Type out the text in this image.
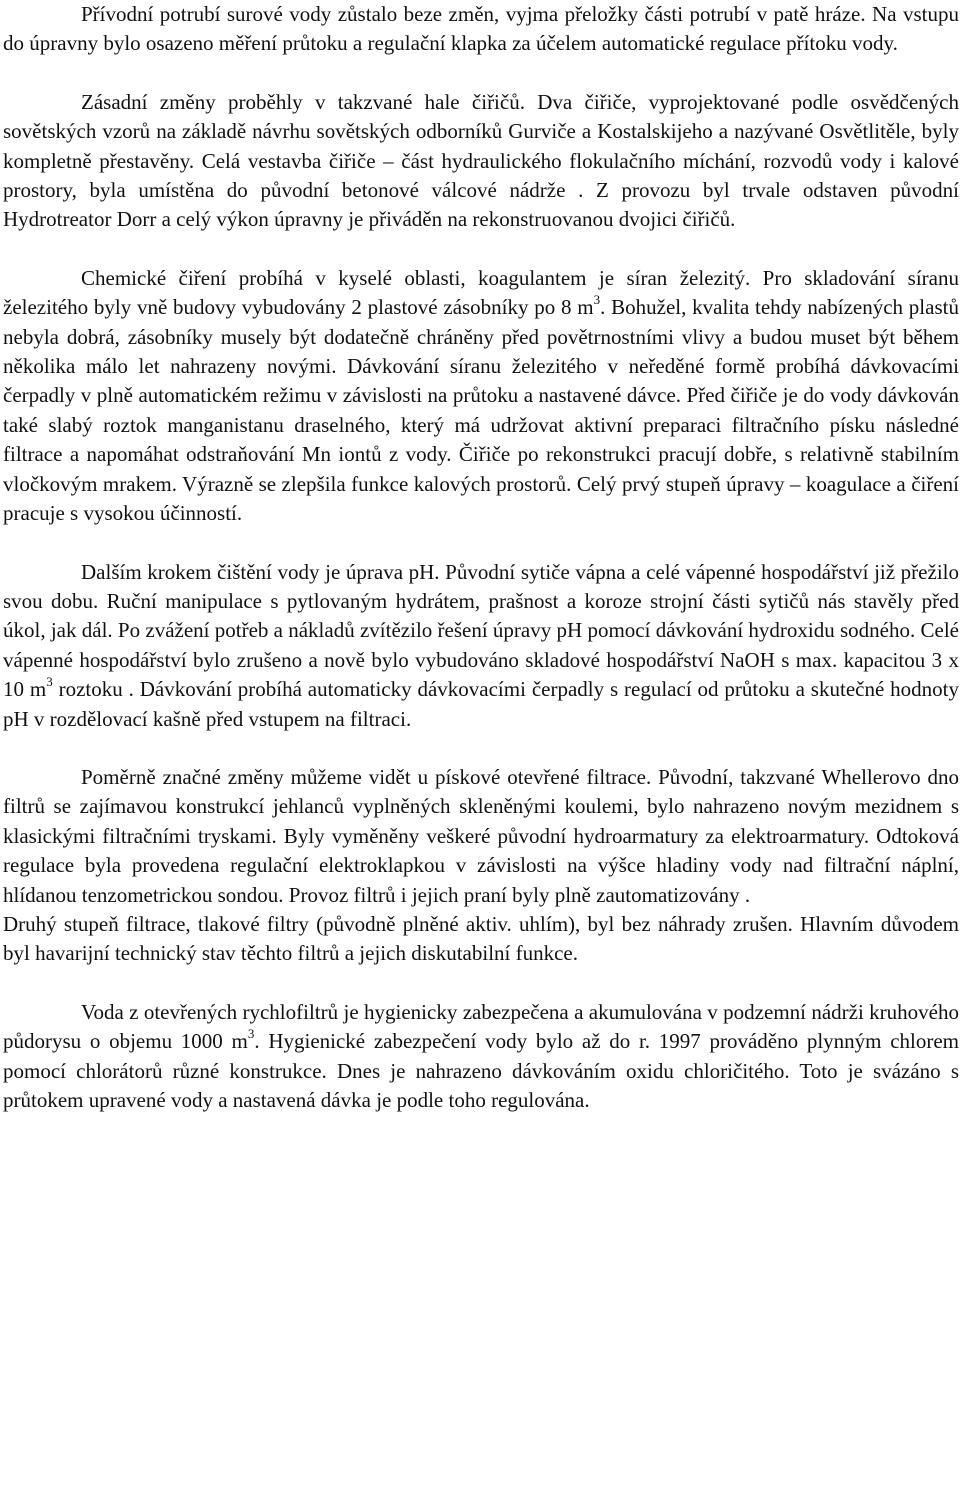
Přívodní potrubí surové vody zůstalo beze změn, vyjma přeložky části potrubí v patě hráze. Na vstupu do úpravny bylo osazeno měření průtoku a regulační klapka za účelem automatické regulace přítoku vody.

Zásadní změny proběhly v takzvané hale čiřičů. Dva čiřiče, vyprojektované podle osvědčených sovětských vzorů na základě návrhu sovětských odborníků Gurviče a Kostalskijeho a nazývané Osvětlitěle, byly kompletně přestavěny. Celá vestavba čiřiče – část hydraulického flokulačního míchání, rozvodů vody i kalové prostory, byla umístěna do původní betonové válcové nádrže . Z provozu byl trvale odstaven původní Hydrotreator Dorr a celý výkon úpravny je přiváděn na rekonstruovanou dvojici čiřičů.

Chemické čiření probíhá v kyselé oblasti, koagulantem je síran železitý. Pro skladování síranu železitého byly vně budovy vybudovány 2 plastové zásobníky po 8 $m^3$. Bohužel, kvalita tehdy nabízených plastů nebyla dobrá, zásobníky musely být dodatečně chráněny před povětrnostními vlivy a budou muset být během několika málo let nahrazeny novými. Dávkování síranu železitého v neředěné formě probíhá dávkovacími čerpadly v plně automatickém režimu v závislosti na průtoku a nastavené dávce. Před čiřiče je do vody dávkován také slabý roztok manganistanu draselného, který má udržovat aktivní preparaci filtračního písku následné filtrace a napomáhat odstraňování Mn iontů z vody. Čiřiče po rekonstrukci pracují dobře, s relativně stabilním vločkovým mrakem. Výrazně se zlepšila funkce kalových prostorů. Celý prvý stupeň úpravy – koagulace a čiření pracuje s vysokou účinností.

Dalším krokem čištění vody je úprava pH. Původní sytiče vápna a celé vápenné hospodářství již přežilo svou dobu. Ruční manipulace s pytlovaným hydrátem, prašnost a koroze strojní části sytičů nás stavěly před úkol, jak dál. Po zvážení potřeb a nákladů zvítězilo řešení úpravy pH pomocí dávkování hydroxidu sodného. Celé vápenné hospodářství bylo zrušeno a nově bylo vybudováno skladové hospodářství NaOH s max. kapacitou 3 x 10 $m^3$ roztoku . Dávkování probíhá automaticky dávkovacími čerpadly s regulací od průtoku a skutečné hodnoty pH v rozdělovací kašně před vstupem na filtraci.

Poměrně značné změny můžeme vidět u pískové otevřené filtrace. Původní, takzvané Whellerovo dno filtrů se zajímavou konstrukcí jehlanců vyplněných skleněnými koulemi, bylo nahrazeno novým mezidnem s klasickými filtračními tryskami. Byly vyměněny veškeré původní hydroarmatury za elektroarmatury. Odtoková regulace byla provedena regulační elektroklapkou v závislosti na výšce hladiny vody nad filtrační náplní, hlídanou tenzometrickou sondou. Provoz filtrů i jejich praní byly plně zautomatizovány .

Druhý stupeň filtrace, tlakové filtry (původně plněné aktiv. uhlím), byl bez náhrady zrušen. Hlavním důvodem byl havarijní technický stav těchto filtrů a jejich diskutabilní funkce.

Voda z otevřených rychlofiltrů je hygienicky zabezpečena a akumulována v podzemní nádrži kruhového půdorysu o objemu 1000 $m^3$. Hygienické zabezpečení vody bylo až do r. 1997 prováděno plynným chlorem pomocí chlorátorů různé konstrukce. Dnes je nahrazeno dávkováním oxidu chloričitého. Toto je svázáno s průtokem upravené vody a nastavená dávka je podle toho regulována.
